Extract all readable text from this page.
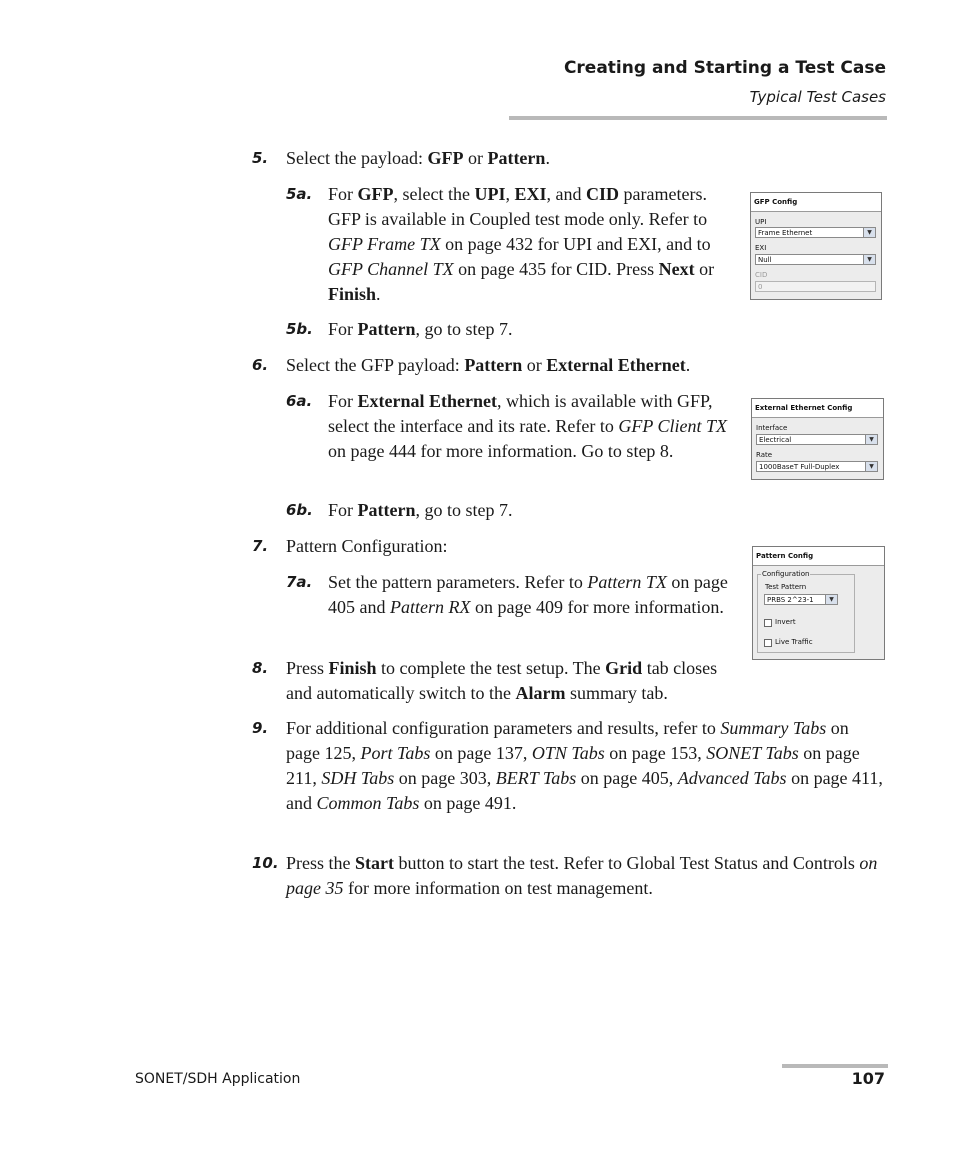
Creating and Starting a Test Case
Typical Test Cases
5. Select the payload: GFP or Pattern.
5a. For GFP, select the UPI, EXI, and CID parameters. GFP is available in Coupled test mode only. Refer to GFP Frame TX on page 432 for UPI and EXI, and to GFP Channel TX on page 435 for CID. Press Next or Finish.
GFP Config
UPI
Frame Ethernet	▼
EXI
Null	▼
CID
0
5b. For Pattern, go to step 7.
6. Select the GFP payload: Pattern or External Ethernet.
6a. For External Ethernet, which is available with GFP, select the interface and its rate. Refer to GFP Client TX on page 444 for more information. Go to step 8.
External Ethernet Config
Interface
Electrical	▼
Rate
1000BaseT Full-Duplex	▼
6b. For Pattern, go to step 7.
7. Pattern Configuration:
7a. Set the pattern parameters. Refer to Pattern TX on page 405 and Pattern RX on page 409 for more information.
Pattern Config
Configuration
Test Pattern
PRBS 2^23-1	▼
Invert
Live Traffic
8. Press Finish to complete the test setup. The Grid tab closes and automatically switch to the Alarm summary tab.
9. For additional configuration parameters and results, refer to Summary Tabs on page 125, Port Tabs on page 137, OTN Tabs on page 153, SONET Tabs on page 211, SDH Tabs on page 303, BERT Tabs on page 405, Advanced Tabs on page 411, and Common Tabs on page 491.
10. Press the Start button to start the test. Refer to Global Test Status and Controls on page 35 for more information on test management.
SONET/SDH Application	107
